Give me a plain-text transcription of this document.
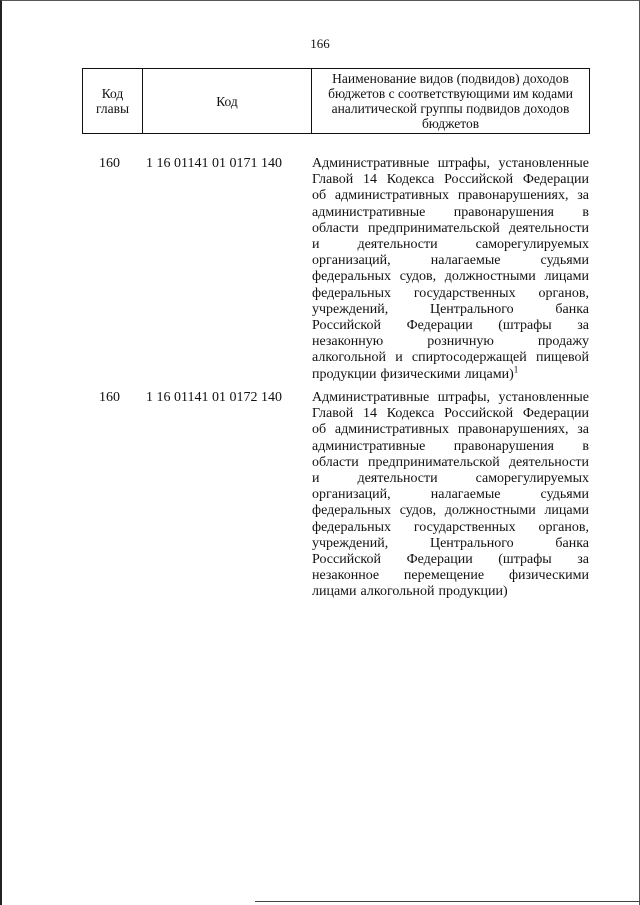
166
Код главы	Код	Наименование видов (подвидов) доходов бюджетов с соответствующими им кодами аналитической группы подвидов доходов бюджетов
160	1 16 01141 01 0171 140	Административные штрафы, установленные
Главой 14 Кодекса Российской Федерации
об административных правонарушениях, за
административные правонарушения в
области предпринимательской деятельности
и	деятельности	саморегулируемых
организаций,	налагаемые	судьями
федеральных судов, должностными лицами
федеральных государственных органов,
учреждений,	Центрального	банка
Российской Федерации (штрафы за
незаконную	розничную	продажу
алкогольной и спиртосодержащей пищевой
продукции физическими лицами)$^1$
160	1 16 01141 01 0172 140	Административные штрафы, установленные
Главой 14 Кодекса Российской Федерации
об административных правонарушениях, за
административные правонарушения в
области предпринимательской деятельности
и	деятельности	саморегулируемых
организаций,	налагаемые	судьями
федеральных судов, должностными лицами
федеральных государственных органов,
учреждений,	Центрального	банка
Российской Федерации (штрафы за
незаконное перемещение физическими
лицами алкогольной продукции)
